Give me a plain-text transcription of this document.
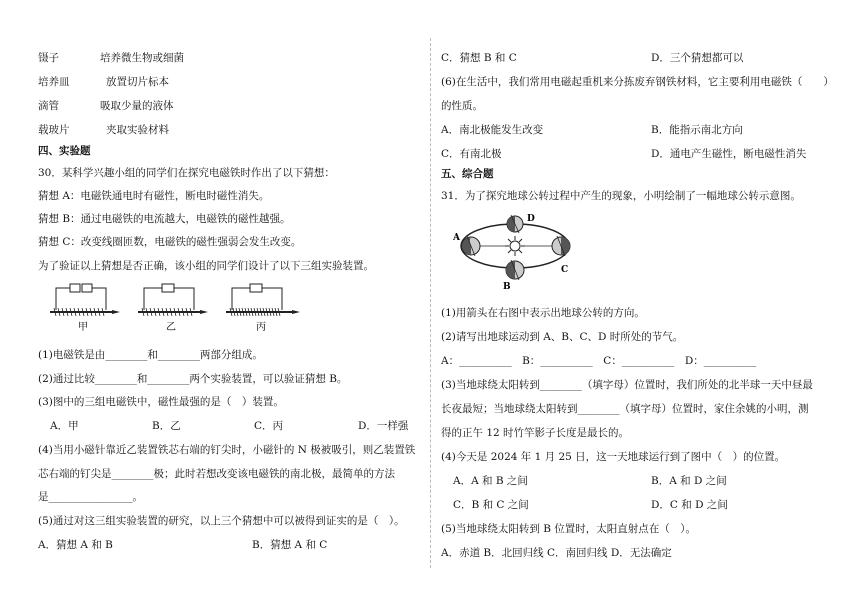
镊子	培养微生物或细菌
培养皿	放置切片标本
滴管	吸取少量的液体
载玻片	夹取实验材料
四、实验题
30．某科学兴趣小组的同学们在探究电磁铁时作出了以下猜想：
猜想 A：电磁铁通电时有磁性，断电时磁性消失。
猜想 B：通过电磁铁的电流越大，电磁铁的磁性越强。
猜想 C：改变线圈匝数，电磁铁的磁性强弱会发生改变。
为了验证以上猜想是否正确，该小组的同学们设计了以下三组实验装置。
甲	乙	丙
(1)电磁铁是由________和________两部分组成。
(2)通过比较________和________两个实验装置，可以验证猜想 B。
(3)图中的三组电磁铁中，磁性最强的是（　）装置。
A．甲	B．乙	C．丙	D．一样强
(4)当用小磁针靠近乙装置铁芯右端的钉尖时，小磁针的 N 极被吸引，则乙装置铁
芯右端的钉尖是________极；此时若想改变该电磁铁的南北极，最简单的方法
是________________。
(5)通过对这三组实验装置的研究，以上三个猜想中可以被得到证实的是（　）。
A．猜想 A 和 B	B．猜想 A 和 C
C．猜想 B 和 C	D．三个猜想都可以
(6)在生活中，我们常用电磁起重机来分拣废弃钢铁材料，它主要利用电磁铁（　　）
的性质。
A．南北极能发生改变	B．能指示南北方向
C．有南北极	D．通电产生磁性，断电磁性消失
五、综合题
31．为了探究地球公转过程中产生的现象，小明绘制了一幅地球公转示意图。
A
B
C
D
(1)用箭头在右图中表示出地球公转的方向。
(2)请写出地球运动到 A、B、C、D 时所处的节气。
A：__________　B：__________　C：__________　D：__________
(3)当地球绕太阳转到________（填字母）位置时，我们所处的北半球一天中昼最
长夜最短；当地球绕太阳转到________（填字母）位置时，家住余姚的小明，测
得的正午 12 时竹竿影子长度是最长的。
(4)今天是 2024 年 1 月 25 日，这一天地球运行到了图中（　）的位置。
A．A 和 B 之间	B．A 和 D 之间
C．B 和 C 之间	D．C 和 D 之间
(5)当地球绕太阳转到 B 位置时，太阳直射点在（　）。
A．赤道 B．北回归线 C．南回归线 D．无法确定
